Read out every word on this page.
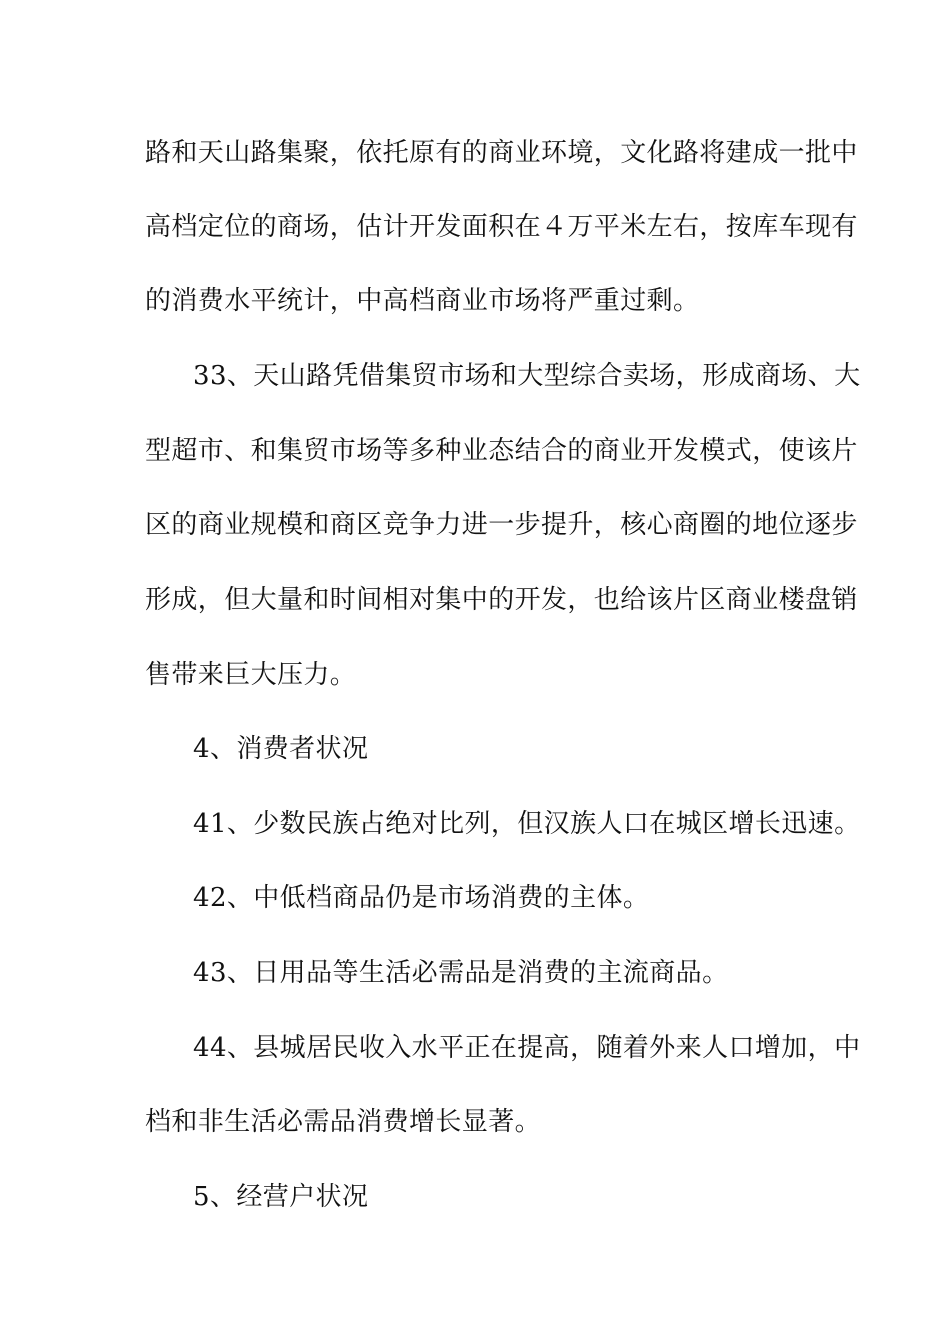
路和天山路集聚，依托原有的商业环境，文化路将建成一批中
高档定位的商场，估计开发面积在４万平米左右，按库车现有
的消费水平统计，中高档商业市场将严重过剩。
33、天山路凭借集贸市场和大型综合卖场，形成商场、大
型超市、和集贸市场等多种业态结合的商业开发模式，使该片
区的商业规模和商区竞争力进一步提升，核心商圈的地位逐步
形成，但大量和时间相对集中的开发，也给该片区商业楼盘销
售带来巨大压力。
4、消费者状况
41、少数民族占绝对比列，但汉族人口在城区增长迅速。
42、中低档商品仍是市场消费的主体。
43、日用品等生活必需品是消费的主流商品。
44、县城居民收入水平正在提高，随着外来人口增加，中
档和非生活必需品消费增长显著。
5、经营户状况
